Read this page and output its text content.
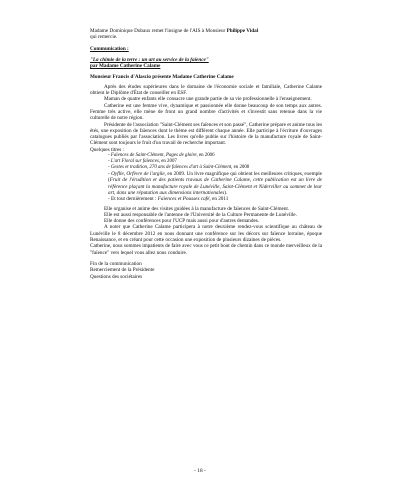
Madame Dominique Dubaux remet l'insigne de l'AIS à Monsieur Philippe Vidal
qui remercie.

Communication :

"La chimie de la terre : un art au service de la faïence"

par Madame Catherine Calame

Monsieur Francis d'Alascio présente Madame Catherine Calame

Après des études supérieures dans le domaine de l'économie sociale et familiale, Catherine Calame obtient le Diplôme d'État de conseiller en ESF.

Maman de quatre enfants elle consacre une grande partie de sa vie professionnelle à l'enseignement.

Catherine est une femme vive, dynamique et passionnée elle donne beaucoup de son temps aux autres. Femme très active, elle mène de front un grand nombre d'activités et s'investit sans retenue dans la vie culturelle de notre région.

Présidente de l'association "Saint-Clément ses faïences et son passé", Catherine prépare et anime tous les étés, une exposition de faïences dont le thème est différent chaque année. Elle participe à l'écriture d'ouvrages catalogues publiés par l'association. Les livres qu'elle publie sur l'histoire de la manufacture royale de Saint-Clément sont toujours le fruit d'un travail de recherche important.

Quelques titres :

- Faïences de Saint-Clément, Pages de gloire, en 2006

- L'art Floral sur faïences, en 2007

- Gestes et tradition, 270 ans de faïences d'art à Saint-Clément, en 2008

- Oyflle, Orfèvre de l'argile, en 2009. Un livre magnifique qui obtient les meilleures critiques, exemple (Fruit de l'érudition et des patients travaux de Catherine Calame, cette publication est un livre de référence plaçant la manufacture royale de Lunéville, Saint-Clément et Niderviller au sommet de leur art, dans une réputation aux dimensions internationales).

- Et tout dernièrement : Faïences et Pousses café, en 2011

Elle organise et anime des visites guidées à la manufacture de faïences de Saint-Clément.

Elle est aussi responsable de l'antenne de l'Université de la Culture Permanente de Lunéville.

Elle donne des conférences pour l'UCP mais aussi pour d'autres demandes.

A noter que Catherine Calame participera à notre deuxième rendez-vous scientifique au château de Lunéville le 8 décembre 2012 en nous donnant une conférence sur les décors sur faïence lorraine, époque Renaissance, et en créant pour cette occasion une exposition de plusieurs dizaines de pièces.

Catherine, nous sommes impatients de faire avec vous ce petit bout de chemin dans ce monde merveilleux de la "faïence" vers lequel vous allez nous conduire.

Fin de la communication

Remerciement de la Présidente

Questions des sociétaires

- 18 -
